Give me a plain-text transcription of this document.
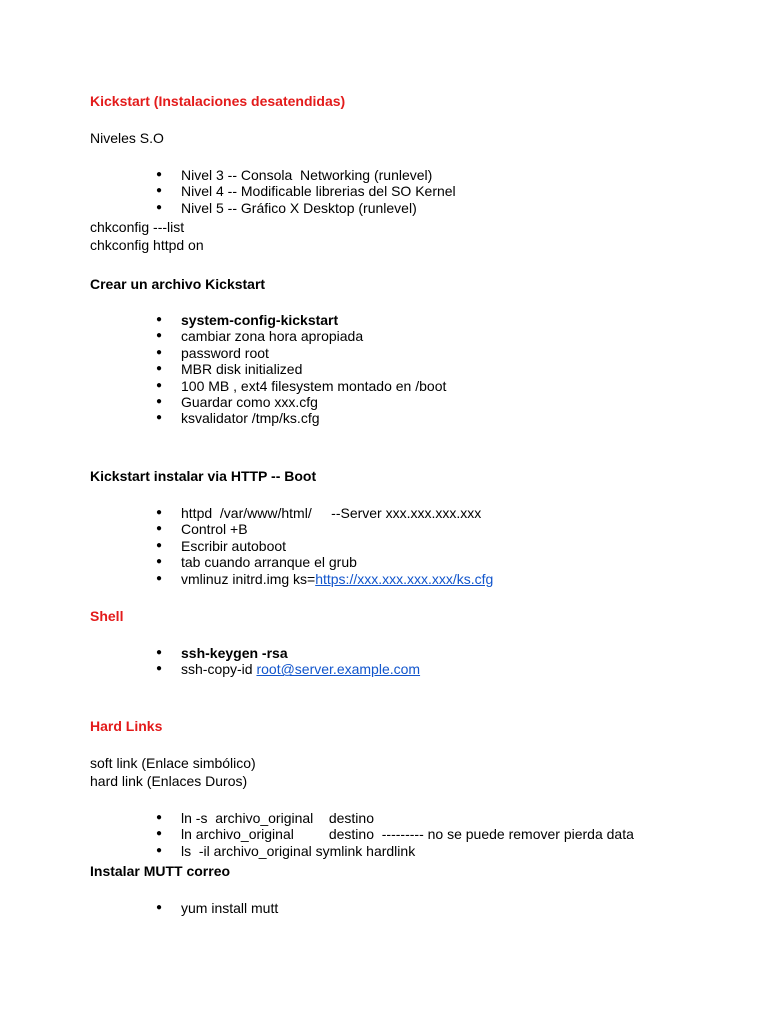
Kickstart (Instalaciones desatendidas)

Niveles S.O

● Nivel 3 -- Consola  Networking (runlevel)
● Nivel 4 -- Modificable librerias del SO Kernel
● Nivel 5 -- Gráfico X Desktop (runlevel)

chkconfig ---list

chkconfig httpd on

Crear un archivo Kickstart

● system-config-kickstart
● cambiar zona hora apropiada
● password root
● MBR disk initialized
● 100 MB , ext4 filesystem montado en /boot
● Guardar como xxx.cfg
● ksvalidator /tmp/ks.cfg

Kickstart instalar via HTTP -- Boot

● httpd  /var/www/html/     --Server xxx.xxx.xxx.xxx
● Control +B
● Escribir autoboot
● tab cuando arranque el grub
● vmlinuz initrd.img ks=https://xxx.xxx.xxx.xxx/ks.cfg

Shell

● ssh-keygen -rsa
● ssh-copy-id root@server.example.com

Hard Links

soft link (Enlace simbólico)

hard link (Enlaces Duros)

● ln -s  archivo_original    destino
● ln archivo_original         destino  --------- no se puede remover pierda data
● ls  -il archivo_original symlink hardlink

Instalar MUTT correo

● yum install mutt
